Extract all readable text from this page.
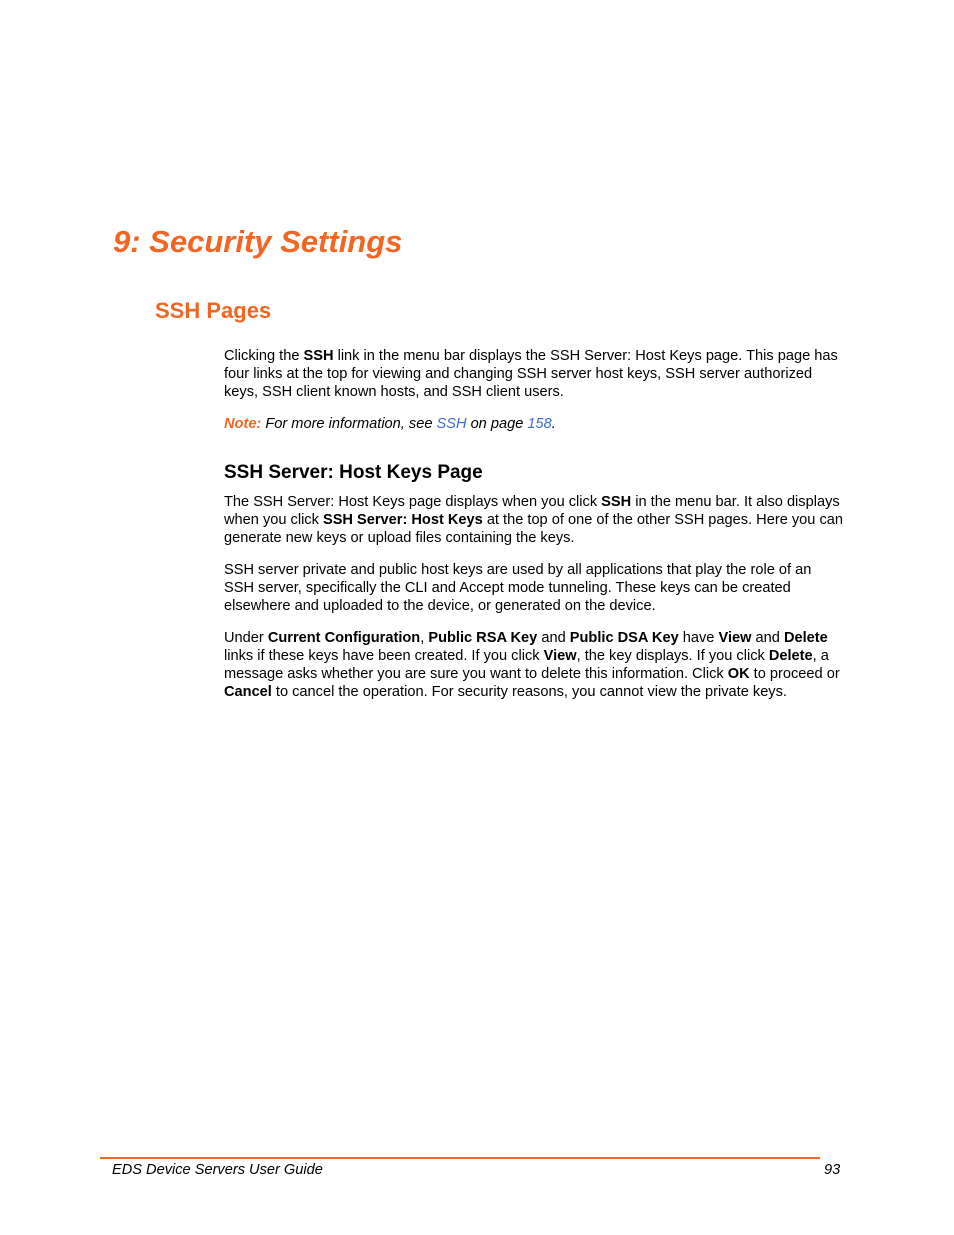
9: Security Settings
SSH Pages

Clicking the SSH link in the menu bar displays the SSH Server: Host Keys page. This page has four links at the top for viewing and changing SSH server host keys, SSH server authorized keys, SSH client known hosts, and SSH client users.

Note: For more information, see SSH on page 158.

SSH Server: Host Keys Page

The SSH Server: Host Keys page displays when you click SSH in the menu bar. It also displays when you click SSH Server: Host Keys at the top of one of the other SSH pages. Here you can generate new keys or upload files containing the keys.

SSH server private and public host keys are used by all applications that play the role of an SSH server, specifically the CLI and Accept mode tunneling. These keys can be created elsewhere and uploaded to the device, or generated on the device.

Under Current Configuration, Public RSA Key and Public DSA Key have View and Delete links if these keys have been created. If you click View, the key displays. If you click Delete, a message asks whether you are sure you want to delete this information. Click OK to proceed or Cancel to cancel the operation. For security reasons, you cannot view the private keys.

EDS Device Servers User Guide	93
